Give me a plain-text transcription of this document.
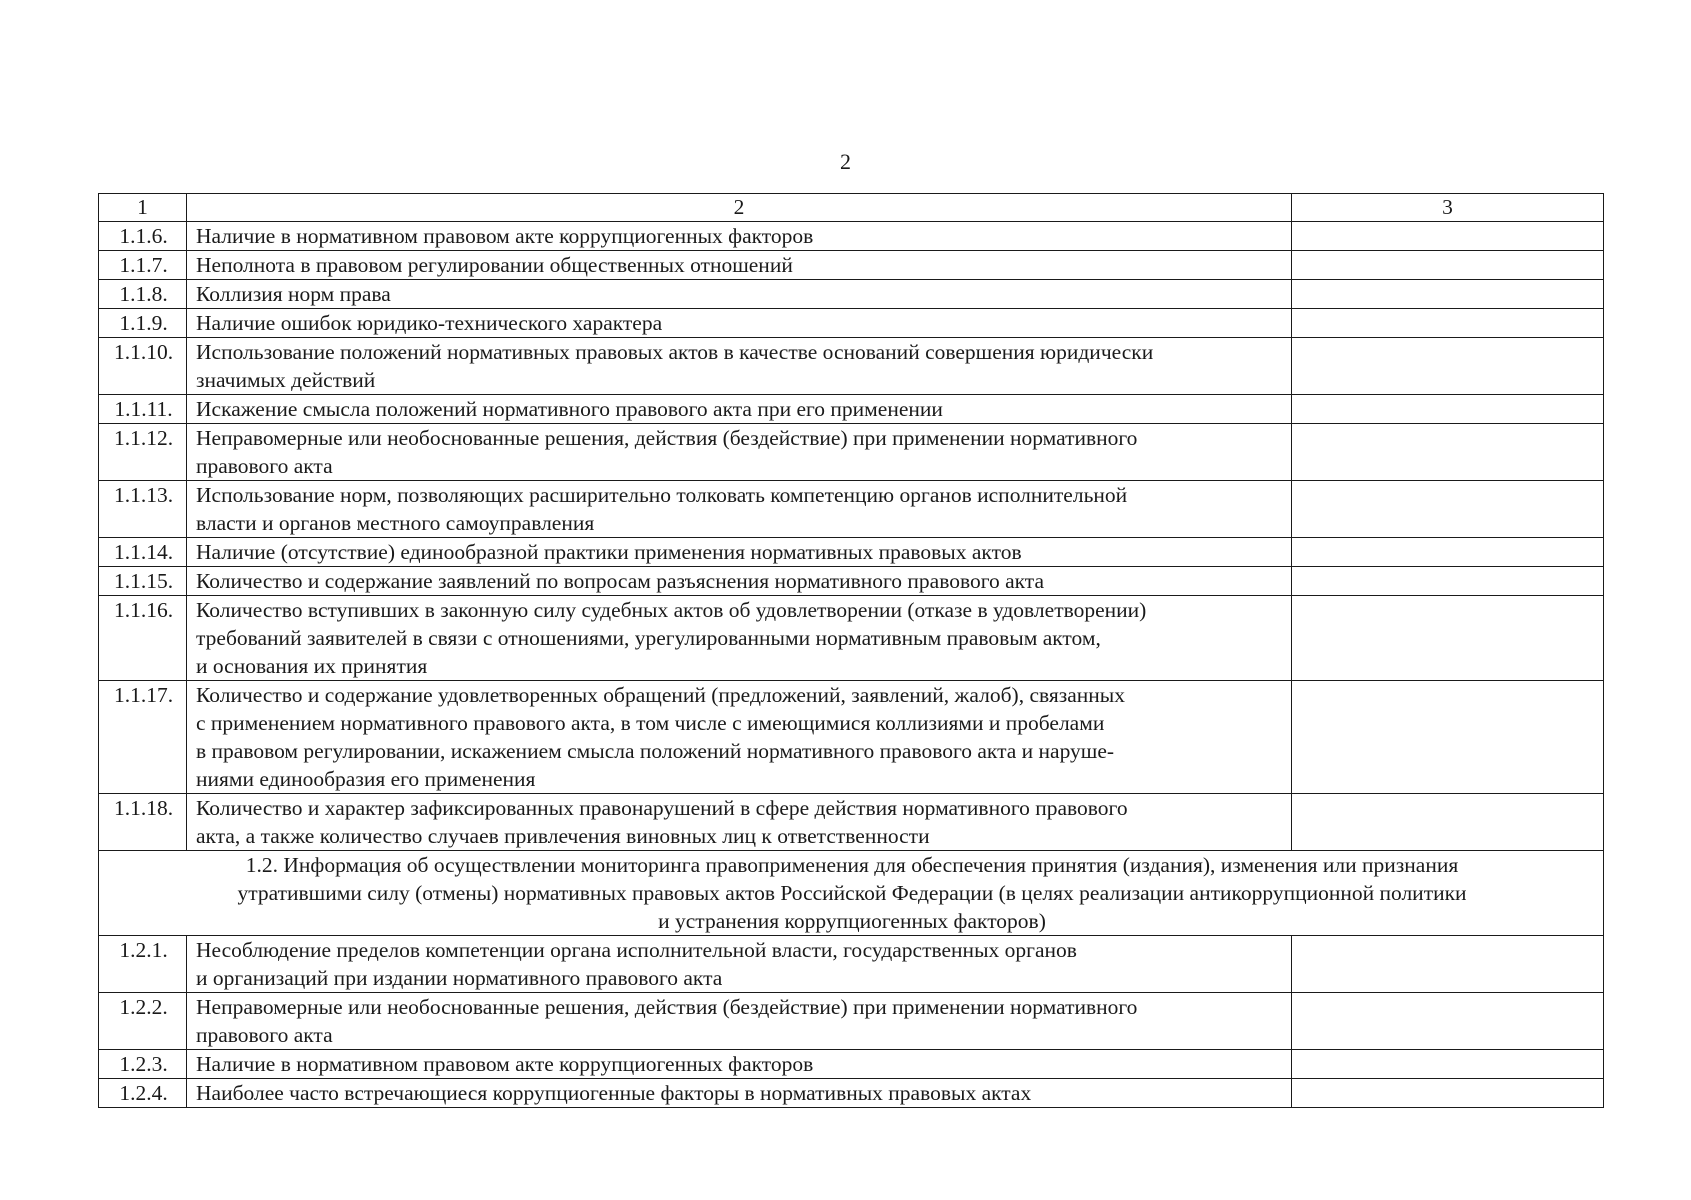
2
1	2	3
1.1.6.	Наличие в нормативном правовом акте коррупциогенных факторов	

1.1.7.	Неполнота в правовом регулировании общественных отношений	

1.1.8.	Коллизия норм права	

1.1.9.	Наличие ошибок юридико-технического характера	

1.1.10.	Использование положений нормативных правовых актов в качестве оснований совершения юридически
значимых действий	

1.1.11.	Искажение смысла положений нормативного правового акта при его применении	

1.1.12.	Неправомерные или необоснованные решения, действия (бездействие) при применении нормативного
правового акта	

1.1.13.	Использование норм, позволяющих расширительно толковать компетенцию органов исполнительной
власти и органов местного самоуправления	

1.1.14.	Наличие (отсутствие) единообразной практики применения нормативных правовых актов	

1.1.15.	Количество и содержание заявлений по вопросам разъяснения нормативного правового акта	

1.1.16.	Количество вступивших в законную силу судебных актов об удовлетворении (отказе в удовлетворении)
требований заявителей в связи с отношениями, урегулированными нормативным правовым актом,
и основания их принятия	

1.1.17.	Количество и содержание удовлетворенных обращений (предложений, заявлений, жалоб), связанных
с применением нормативного правового акта, в том числе с имеющимися коллизиями и пробелами
в правовом регулировании, искажением смысла положений нормативного правового акта и наруше-
ниями единообразия его применения	

1.1.18.	Количество и характер зафиксированных правонарушений в сфере действия нормативного правового
акта, а также количество случаев привлечения виновных лиц к ответственности	

1.2. Информация об осуществлении мониторинга правоприменения для обеспечения принятия (издания), изменения или признания
утратившими силу (отмены) нормативных правовых актов Российской Федерации (в целях реализации антикоррупционной политики
и устранения коррупциогенных факторов)		

1.2.1.	Несоблюдение пределов компетенции органа исполнительной власти, государственных органов
и организаций при издании нормативного правового акта	

1.2.2.	Неправомерные или необоснованные решения, действия (бездействие) при применении нормативного
правового акта	

1.2.3.	Наличие в нормативном правовом акте коррупциогенных факторов	

1.2.4.	Наиболее часто встречающиеся коррупциогенные факторы в нормативных правовых актах	
